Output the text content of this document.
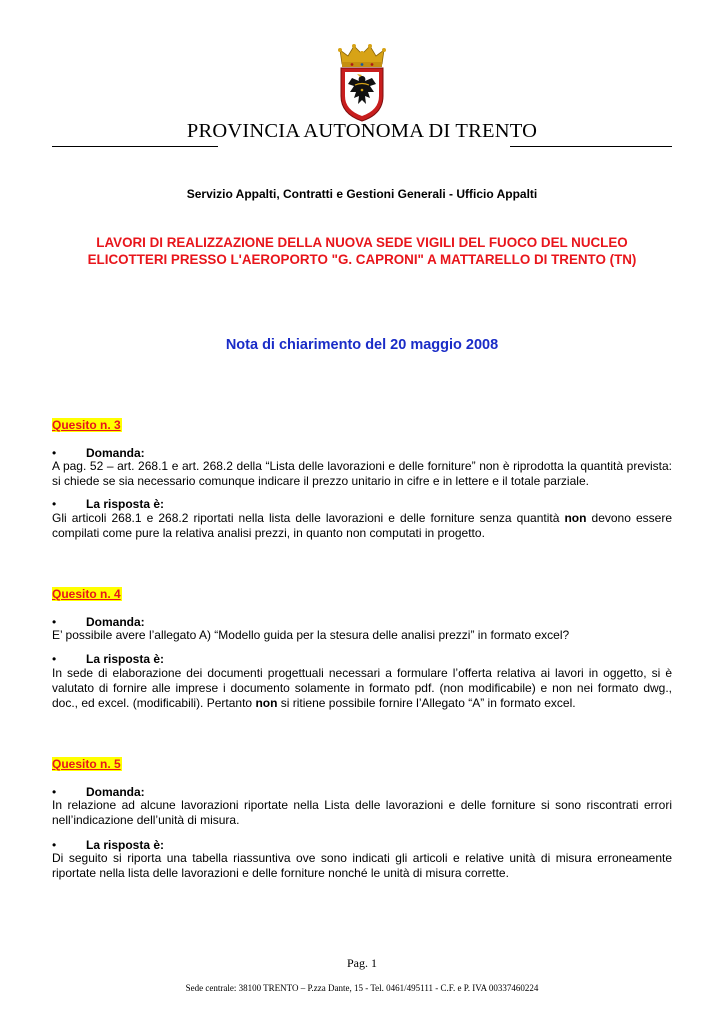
PROVINCIA AUTONOMA DI TRENTO
Servizio Appalti, Contratti e Gestioni Generali - Ufficio Appalti
LAVORI DI REALIZZAZIONE DELLA NUOVA SEDE VIGILI DEL FUOCO DEL NUCLEO
ELICOTTERI PRESSO L'AEROPORTO "G. CAPRONI" A MATTARELLO DI TRENTO (TN)
Nota di chiarimento del 20 maggio 2008
Quesito n. 3
• Domanda:
A pag. 52 – art. 268.1 e art. 268.2 della “Lista delle lavorazioni e delle forniture” non è riprodotta la quantità prevista: si chiede se sia necessario comunque indicare il prezzo unitario in cifre e in lettere e il totale parziale.
• La risposta è:
Gli articoli 268.1 e 268.2 riportati nella lista delle lavorazioni e delle forniture senza quantità non devono essere compilati come pure la relativa analisi prezzi, in quanto non computati in progetto.
Quesito n. 4
• Domanda:
E’ possibile avere l’allegato A) “Modello guida per la stesura delle analisi prezzi” in formato excel?
• La risposta è:
In sede di elaborazione dei documenti progettuali necessari a formulare l’offerta relativa ai lavori in oggetto, si è valutato di fornire alle imprese i documento solamente in formato pdf. (non modificabile) e non nei formato dwg., doc., ed excel. (modificabili). Pertanto non si ritiene possibile fornire l’Allegato “A” in formato excel.
Quesito n. 5
• Domanda:
In relazione ad alcune lavorazioni riportate nella Lista delle lavorazioni e delle forniture si sono riscontrati errori nell’indicazione dell’unità di misura.
• La risposta è:
Di seguito si riporta una tabella riassuntiva ove sono indicati gli articoli e relative unità di misura erroneamente riportate nella lista delle lavorazioni e delle forniture nonché le unità di misura corrette.
Pag. 1
Sede centrale: 38100 TRENTO – P.zza Dante, 15 - Tel. 0461/495111 - C.F. e P. IVA 00337460224
